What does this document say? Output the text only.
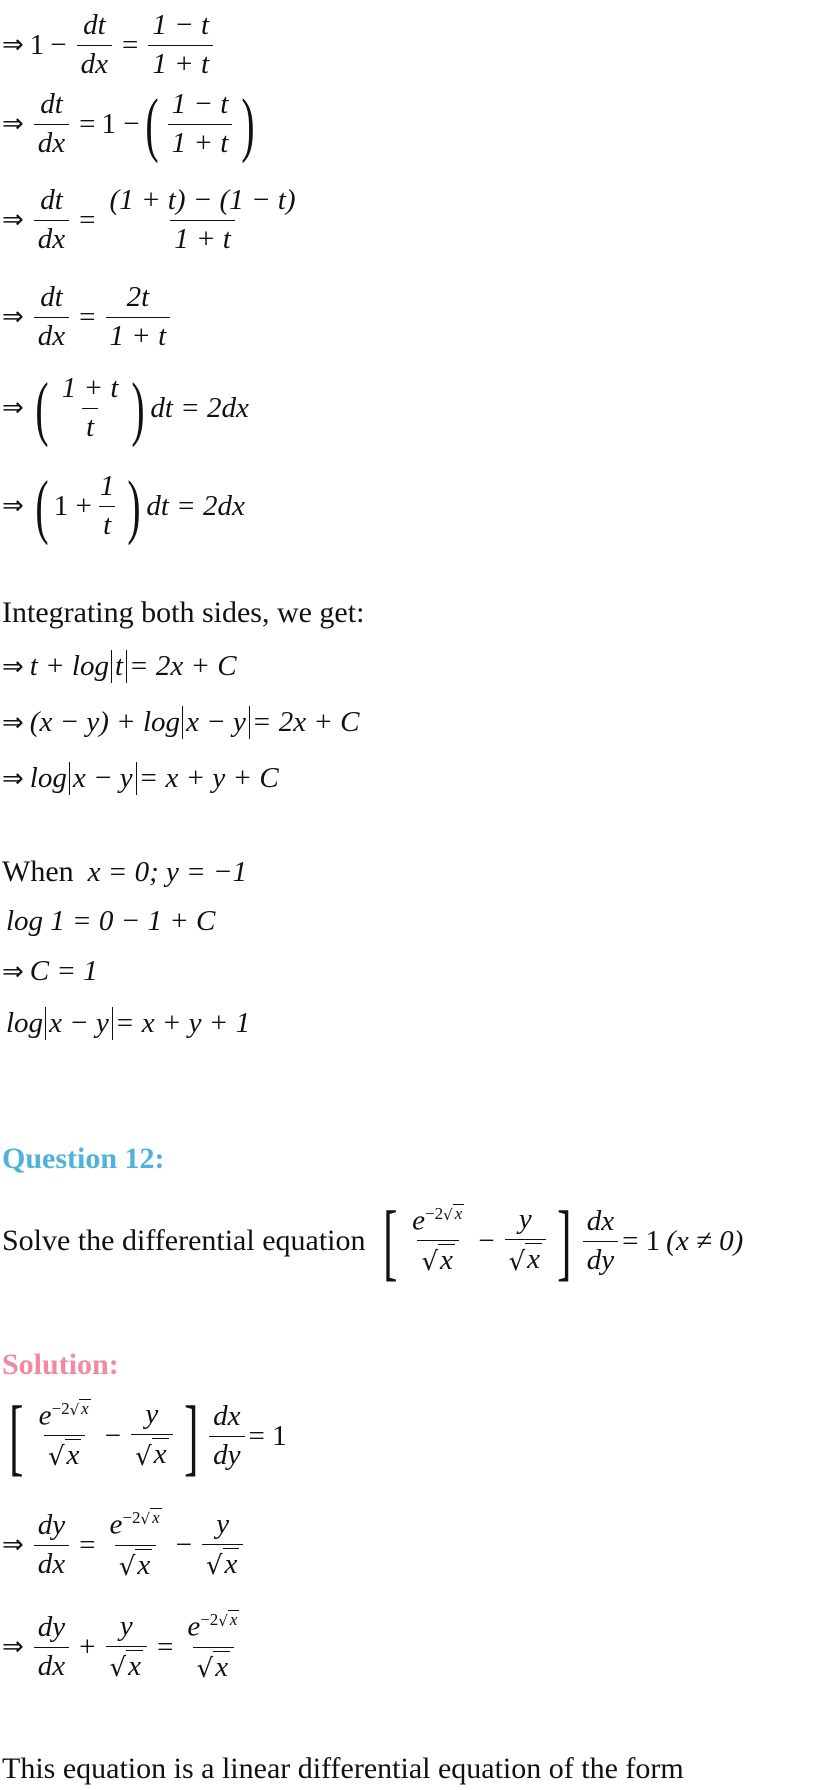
⇒ $1 - \frac{dt}{dx} = \frac{1 - t}{1 + t}$
⇒ $\frac{dt}{dx} = 1$ − ( $\frac{1 - t}{1 + t}$ )
⇒ $\frac{dt}{dx} = \frac{(1 + t) - (1 - t)}{1 + t}$
⇒ $\frac{dt}{dx} = \frac{2t}{1 + t}$
⇒ ( $\frac{1 + t}{t}$ ) dt = 2dx
⇒ ( $1 + \frac{1}{t}$ ) dt = 2dx
Integrating both sides, we get:
⇒ t + log t = 2x + C
⇒ (x − y) + log x − y = 2x + C
⇒ log x − y = x + y + C
When x = 0; y = −1
log 1 = 0 − 1 + C
⇒ C = 1
log x − y = x + y + 1
Question 12:
Solve the differential equation [ $\frac{e -2 √ x}{√ x} - \frac{y}{√ x}$ ] $\frac{dx}{dy} = 1$ (x ≠ 0)
Solution:
[ $\frac{e -2 √ x}{√ x} - \frac{y}{√ x}$ ] $\frac{dx}{dy} = 1$
⇒ $\frac{dy}{dx} = \frac{e -2 √ x}{√ x} - \frac{y}{√ x}$
⇒ $\frac{dy}{dx} + \frac{y}{√ x} = \frac{e -2 √ x}{√ x}$
This equation is a linear differential equation of the form
